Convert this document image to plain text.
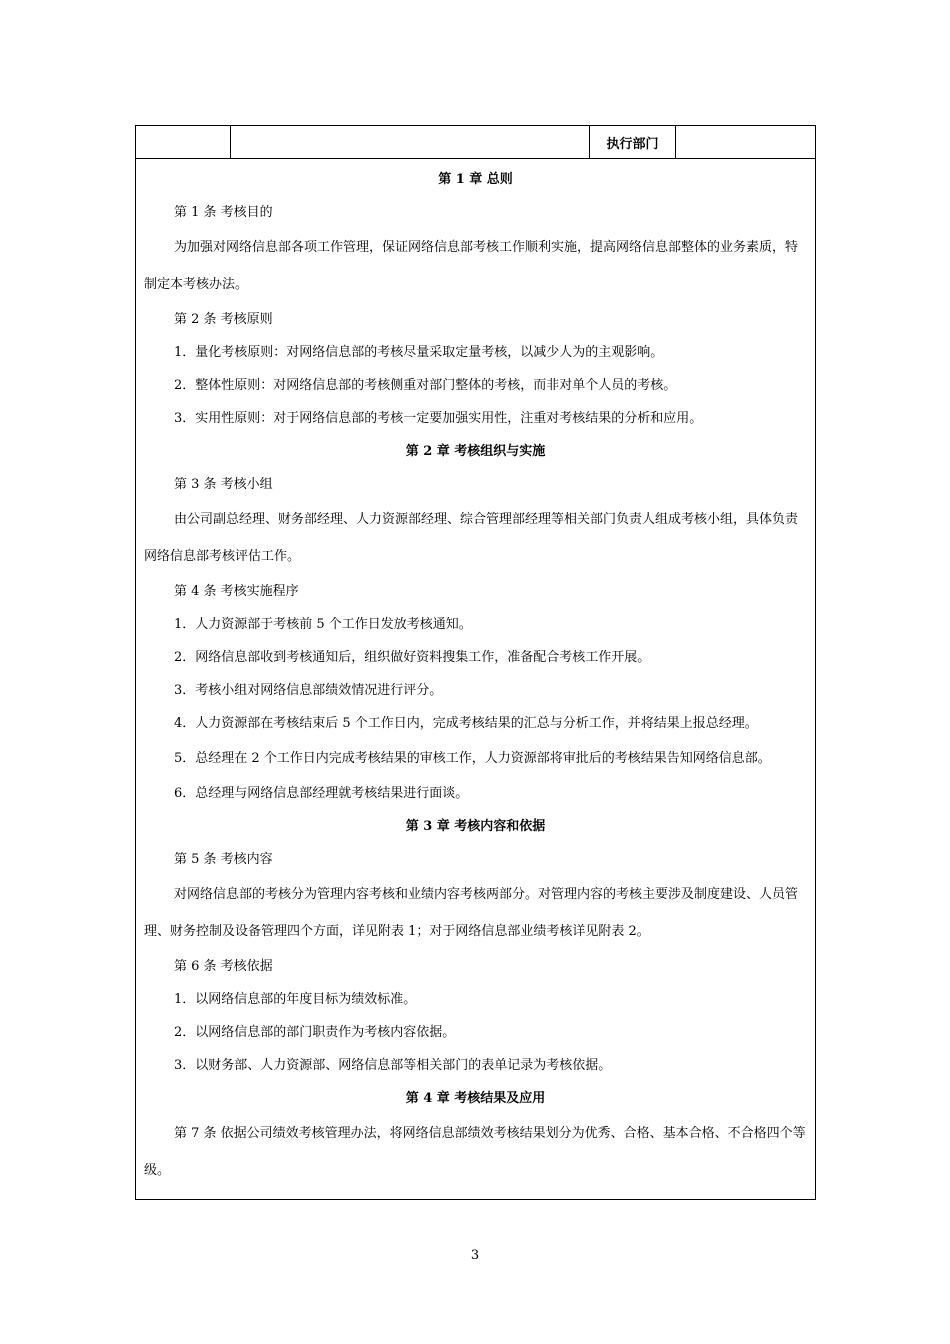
		执行部门	

第 1 章 总则

第 1 条 考核目的

为加强对网络信息部各项工作管理，保证网络信息部考核工作顺利实施，提高网络信息部整体的业务素质，特制定本考核办法。

第 2 条 考核原则

1．量化考核原则：对网络信息部的考核尽量采取定量考核，以减少人为的主观影响。

2．整体性原则：对网络信息部的考核侧重对部门整体的考核，而非对单个人员的考核。

3．实用性原则：对于网络信息部的考核一定要加强实用性，注重对考核结果的分析和应用。

第 2 章 考核组织与实施

第 3 条 考核小组

由公司副总经理、财务部经理、人力资源部经理、综合管理部经理等相关部门负责人组成考核小组，具体负责网络信息部考核评估工作。

第 4 条 考核实施程序

1．人力资源部于考核前 5 个工作日发放考核通知。

2．网络信息部收到考核通知后，组织做好资料搜集工作，准备配合考核工作开展。

3．考核小组对网络信息部绩效情况进行评分。

4．人力资源部在考核结束后 5 个工作日内，完成考核结果的汇总与分析工作，并将结果上报总经理。

5．总经理在 2 个工作日内完成考核结果的审核工作，人力资源部将审批后的考核结果告知网络信息部。

6．总经理与网络信息部经理就考核结果进行面谈。

第 3 章 考核内容和依据

第 5 条 考核内容

对网络信息部的考核分为管理内容考核和业绩内容考核两部分。对管理内容的考核主要涉及制度建设、人员管理、财务控制及设备管理四个方面，详见附表 1；对于网络信息部业绩考核详见附表 2。

第 6 条 考核依据

1．以网络信息部的年度目标为绩效标准。

2．以网络信息部的部门职责作为考核内容依据。

3．以财务部、人力资源部、网络信息部等相关部门的表单记录为考核依据。

第 4 章 考核结果及应用

第 7 条 依据公司绩效考核管理办法，将网络信息部绩效考核结果划分为优秀、合格、基本合格、不合格四个等级。

3
